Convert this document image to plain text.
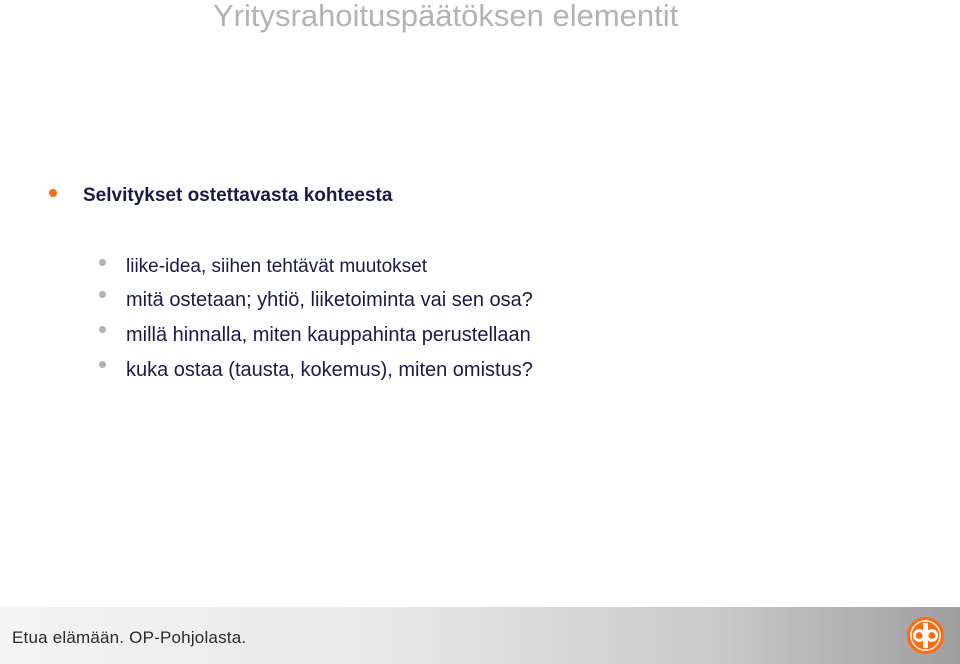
Yritysrahoituspäätöksen elementit
Selvitykset ostettavasta kohteesta
liike-idea, siihen tehtävät muutokset
mitä ostetaan; yhtiö, liiketoiminta vai sen osa?
millä hinnalla, miten kauppahinta perustellaan
kuka ostaa (tausta, kokemus), miten omistus?
Etua elämään. OP-Pohjolasta.
